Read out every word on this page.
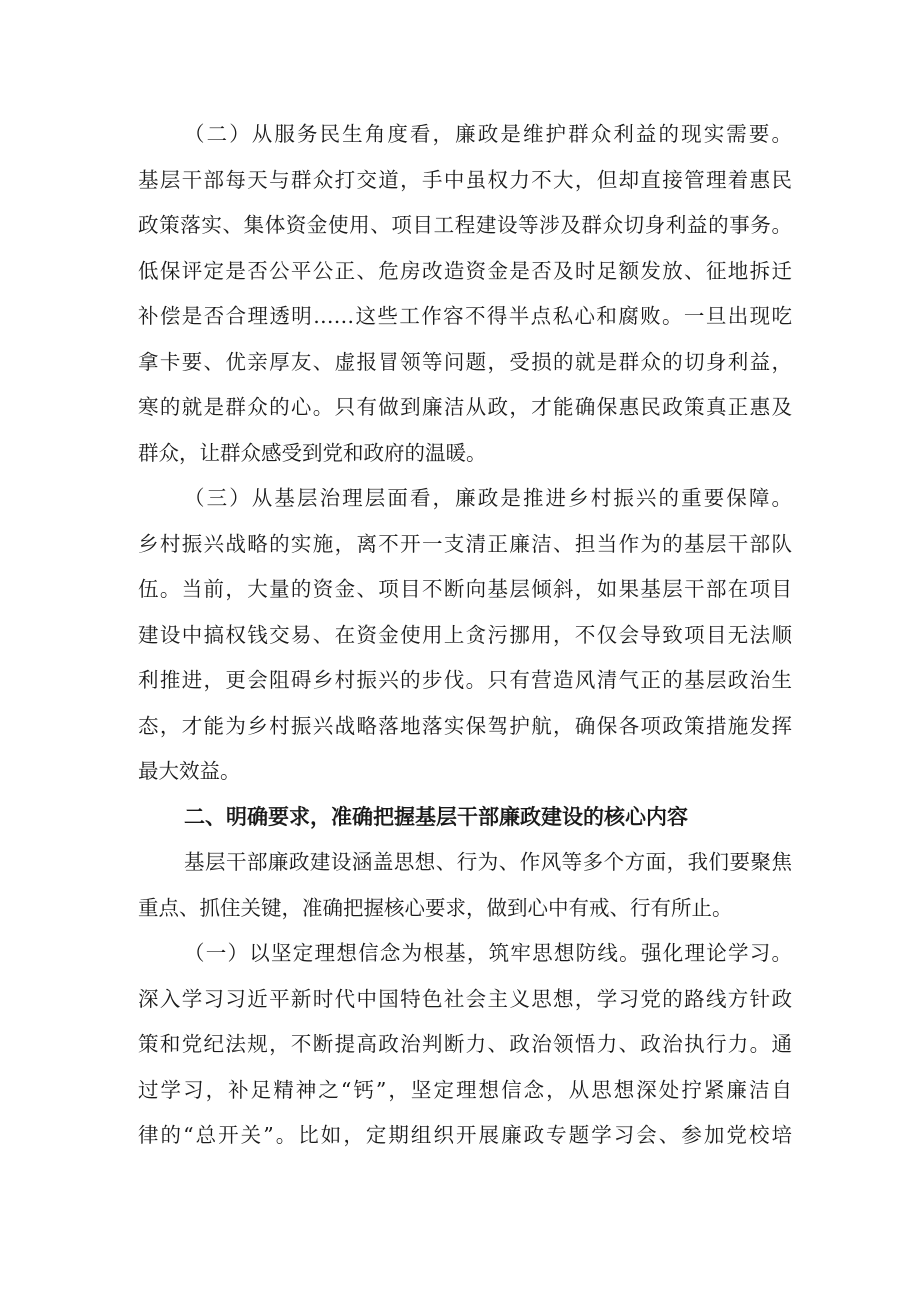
（二）从服务民生角度看，廉政是维护群众利益的现实需要。
基层干部每天与群众打交道，手中虽权力不大，但却直接管理着惠民
政策落实、集体资金使用、项目工程建设等涉及群众切身利益的事务。
低保评定是否公平公正、危房改造资金是否及时足额发放、征地拆迁
补偿是否合理透明……这些工作容不得半点私心和腐败。一旦出现吃
拿卡要、优亲厚友、虚报冒领等问题，受损的就是群众的切身利益，
寒的就是群众的心。只有做到廉洁从政，才能确保惠民政策真正惠及
群众，让群众感受到党和政府的温暖。
（三）从基层治理层面看，廉政是推进乡村振兴的重要保障。
乡村振兴战略的实施，离不开一支清正廉洁、担当作为的基层干部队
伍。当前，大量的资金、项目不断向基层倾斜，如果基层干部在项目
建设中搞权钱交易、在资金使用上贪污挪用，不仅会导致项目无法顺
利推进，更会阻碍乡村振兴的步伐。只有营造风清气正的基层政治生
态，才能为乡村振兴战略落地落实保驾护航，确保各项政策措施发挥
最大效益。
二、明确要求，准确把握基层干部廉政建设的核心内容
基层干部廉政建设涵盖思想、行为、作风等多个方面，我们要聚焦
重点、抓住关键，准确把握核心要求，做到心中有戒、行有所止。
（一）以坚定理想信念为根基，筑牢思想防线。强化理论学习。
深入学习习近平新时代中国特色社会主义思想，学习党的路线方针政
策和党纪法规，不断提高政治判断力、政治领悟力、政治执行力。通
过学习，补足精神之“钙”，坚定理想信念，从思想深处拧紧廉洁自
律的“总开关”。比如，定期组织开展廉政专题学习会、参加党校培
